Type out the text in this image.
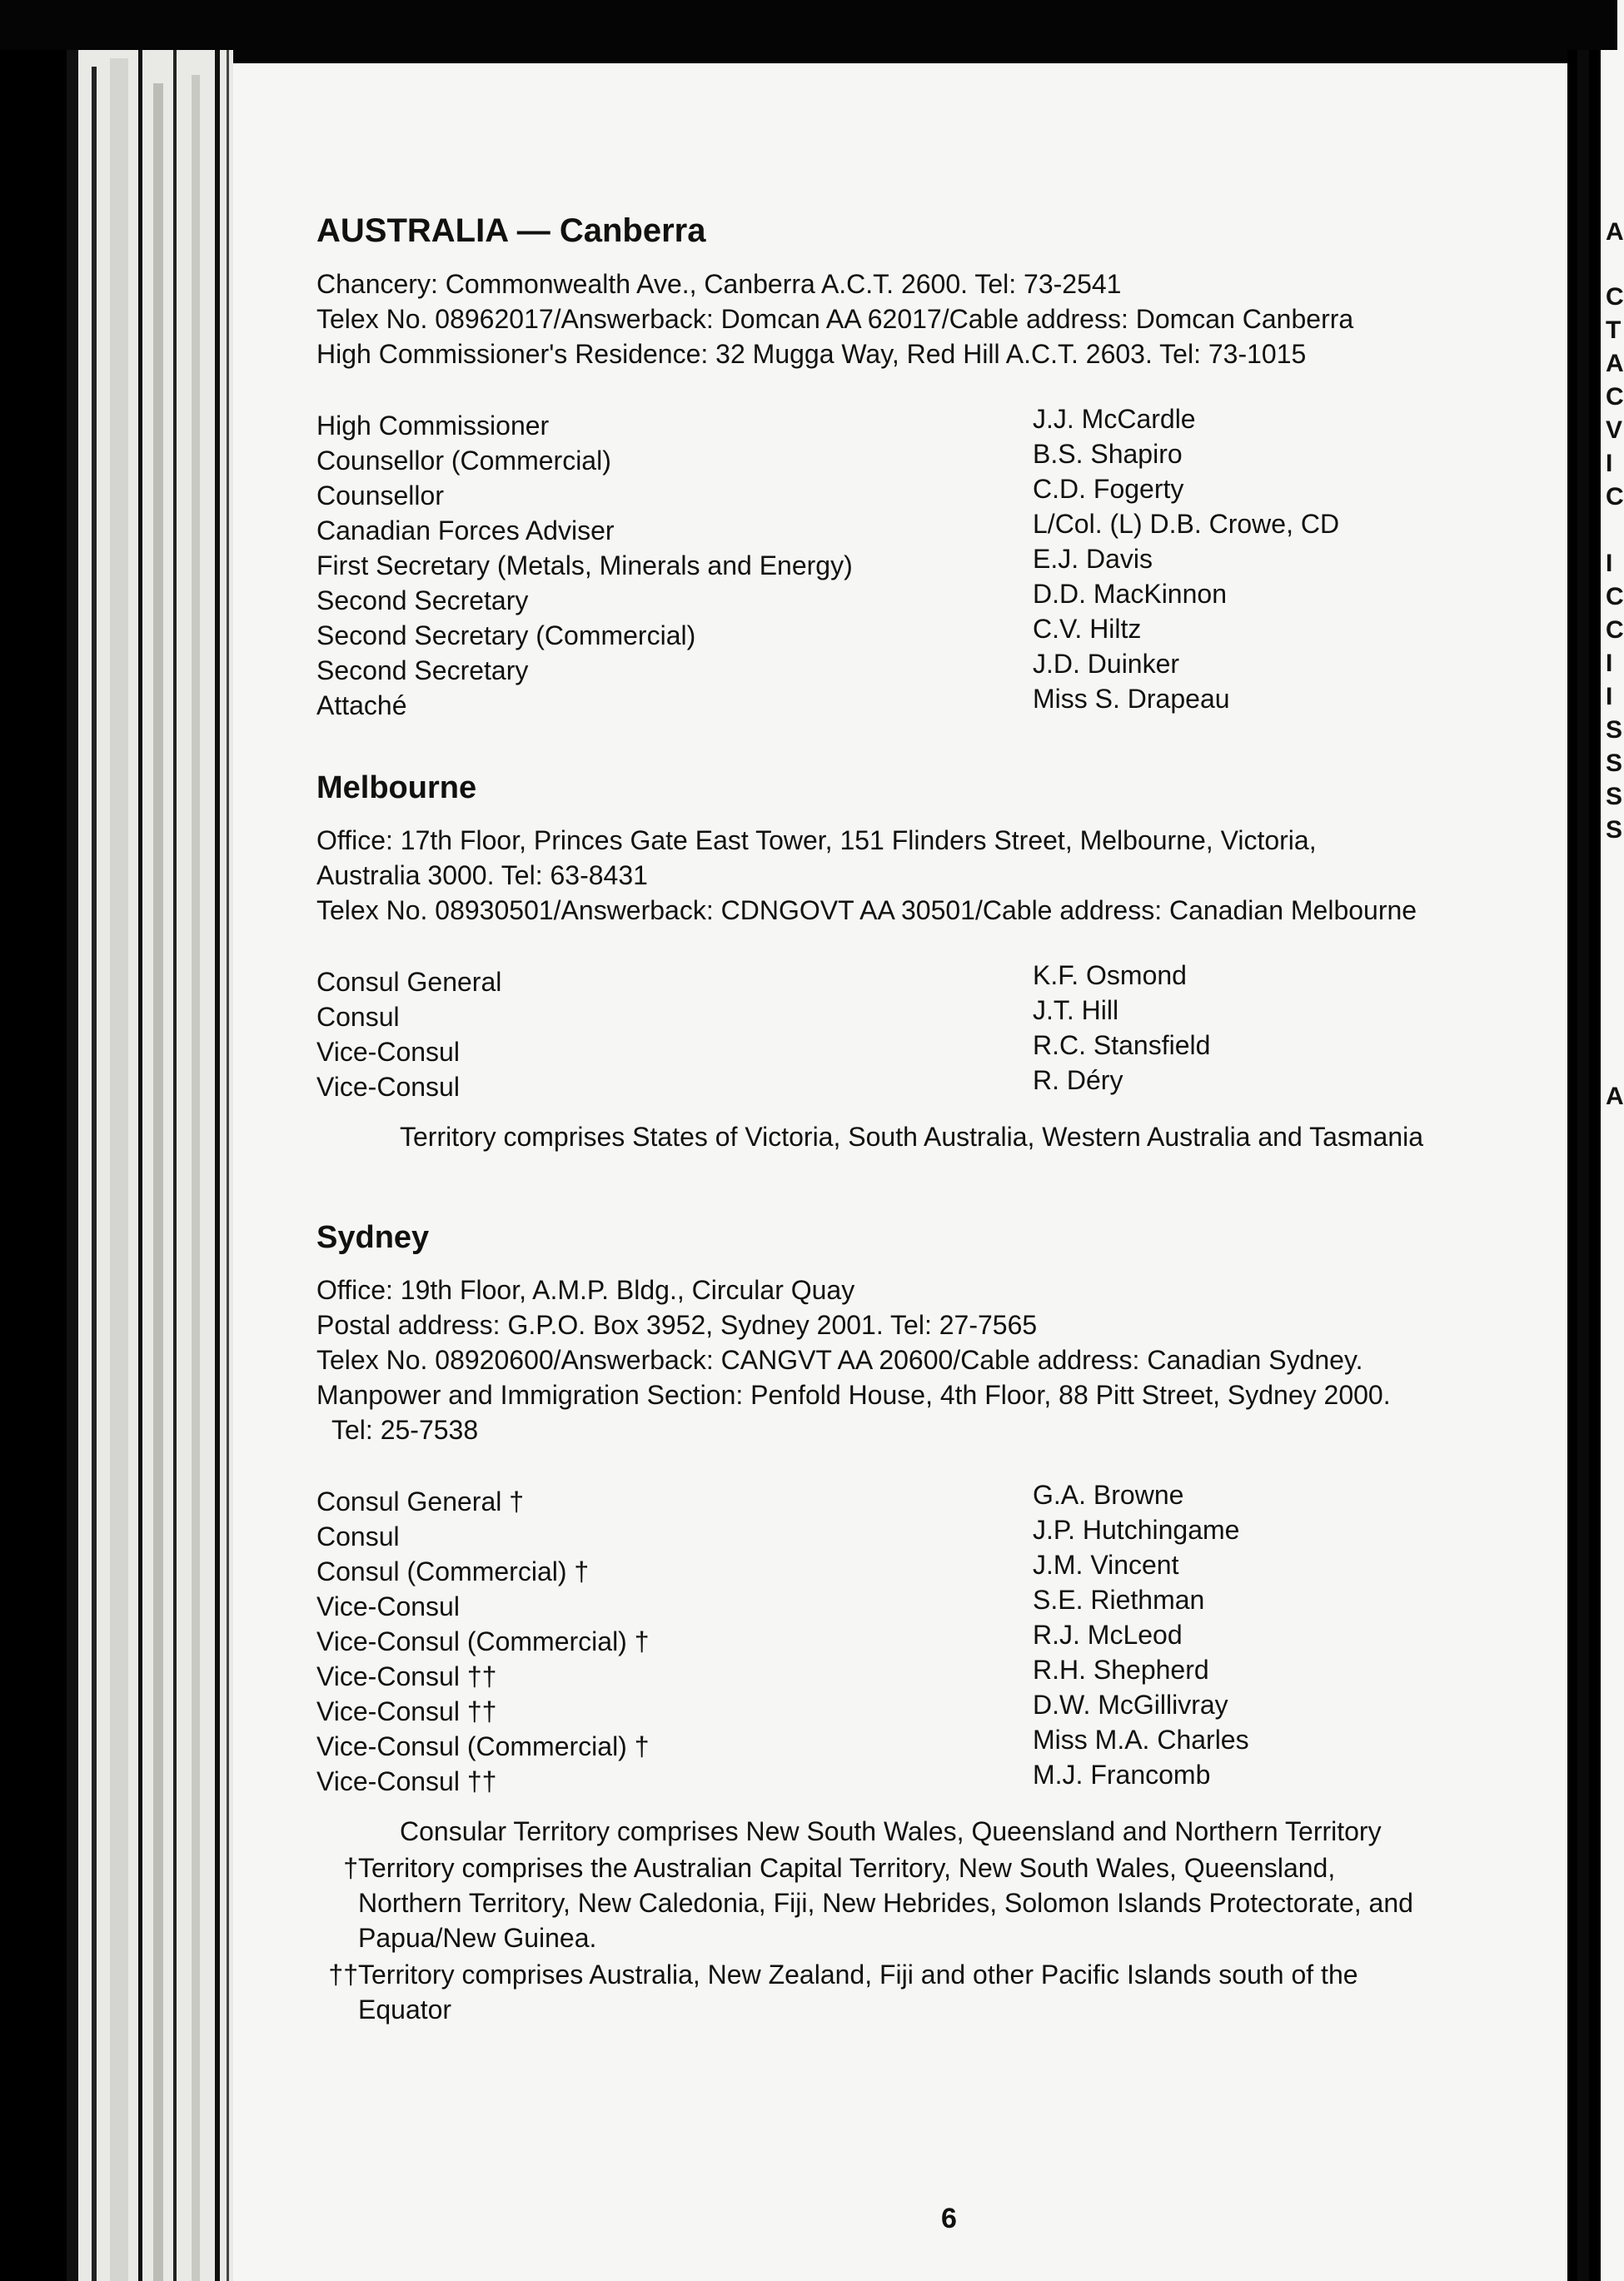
AUSTRALIA — Canberra
Chancery: Commonwealth Ave., Canberra A.C.T. 2600. Tel: 73-2541
Telex No. 08962017/Answerback: Domcan AA 62017/Cable address: Domcan Canberra
High Commissioner's Residence: 32 Mugga Way, Red Hill A.C.T. 2603. Tel: 73-1015
High Commissioner
Counsellor (Commercial)
Counsellor
Canadian Forces Adviser
First Secretary (Metals, Minerals and Energy)
Second Secretary
Second Secretary (Commercial)
Second Secretary
Attaché
J.J. McCardle
B.S. Shapiro
C.D. Fogerty
L/Col. (L) D.B. Crowe, CD
E.J. Davis
D.D. MacKinnon
C.V. Hiltz
J.D. Duinker
Miss S. Drapeau
Melbourne
Office: 17th Floor, Princes Gate East Tower, 151 Flinders Street, Melbourne, Victoria,
Australia 3000. Tel: 63-8431
Telex No. 08930501/Answerback: CDNGOVT AA 30501/Cable address: Canadian Melbourne
Consul General
Consul
Vice-Consul
Vice-Consul
K.F. Osmond
J.T. Hill
R.C. Stansfield
R. Déry
Territory comprises States of Victoria, South Australia, Western Australia and Tasmania
Sydney
Office: 19th Floor, A.M.P. Bldg., Circular Quay
Postal address: G.P.O. Box 3952, Sydney 2001. Tel: 27-7565
Telex No. 08920600/Answerback: CANGVT AA 20600/Cable address: Canadian Sydney.
Manpower and Immigration Section: Penfold House, 4th Floor, 88 Pitt Street, Sydney 2000.
Tel: 25-7538
Consul General †
Consul
Consul (Commercial) †
Vice-Consul
Vice-Consul (Commercial) †
Vice-Consul ††
Vice-Consul ††
Vice-Consul (Commercial) †
Vice-Consul ††
G.A. Browne
J.P. Hutchingame
J.M. Vincent
S.E. Riethman
R.J. McLeod
R.H. Shepherd
D.W. McGillivray
Miss M.A. Charles
M.J. Francomb
Consular Territory comprises New South Wales, Queensland and Northern Territory
† Territory comprises the Australian Capital Territory, New South Wales, Queensland, Northern Territory, New Caledonia, Fiji, New Hebrides, Solomon Islands Protectorate, and Papua/New Guinea.
†† Territory comprises Australia, New Zealand, Fiji and other Pacific Islands south of the Equator
6
A
C
T
A
C
V
I
C
I
C
C
I
I
S
S
S
S
A
